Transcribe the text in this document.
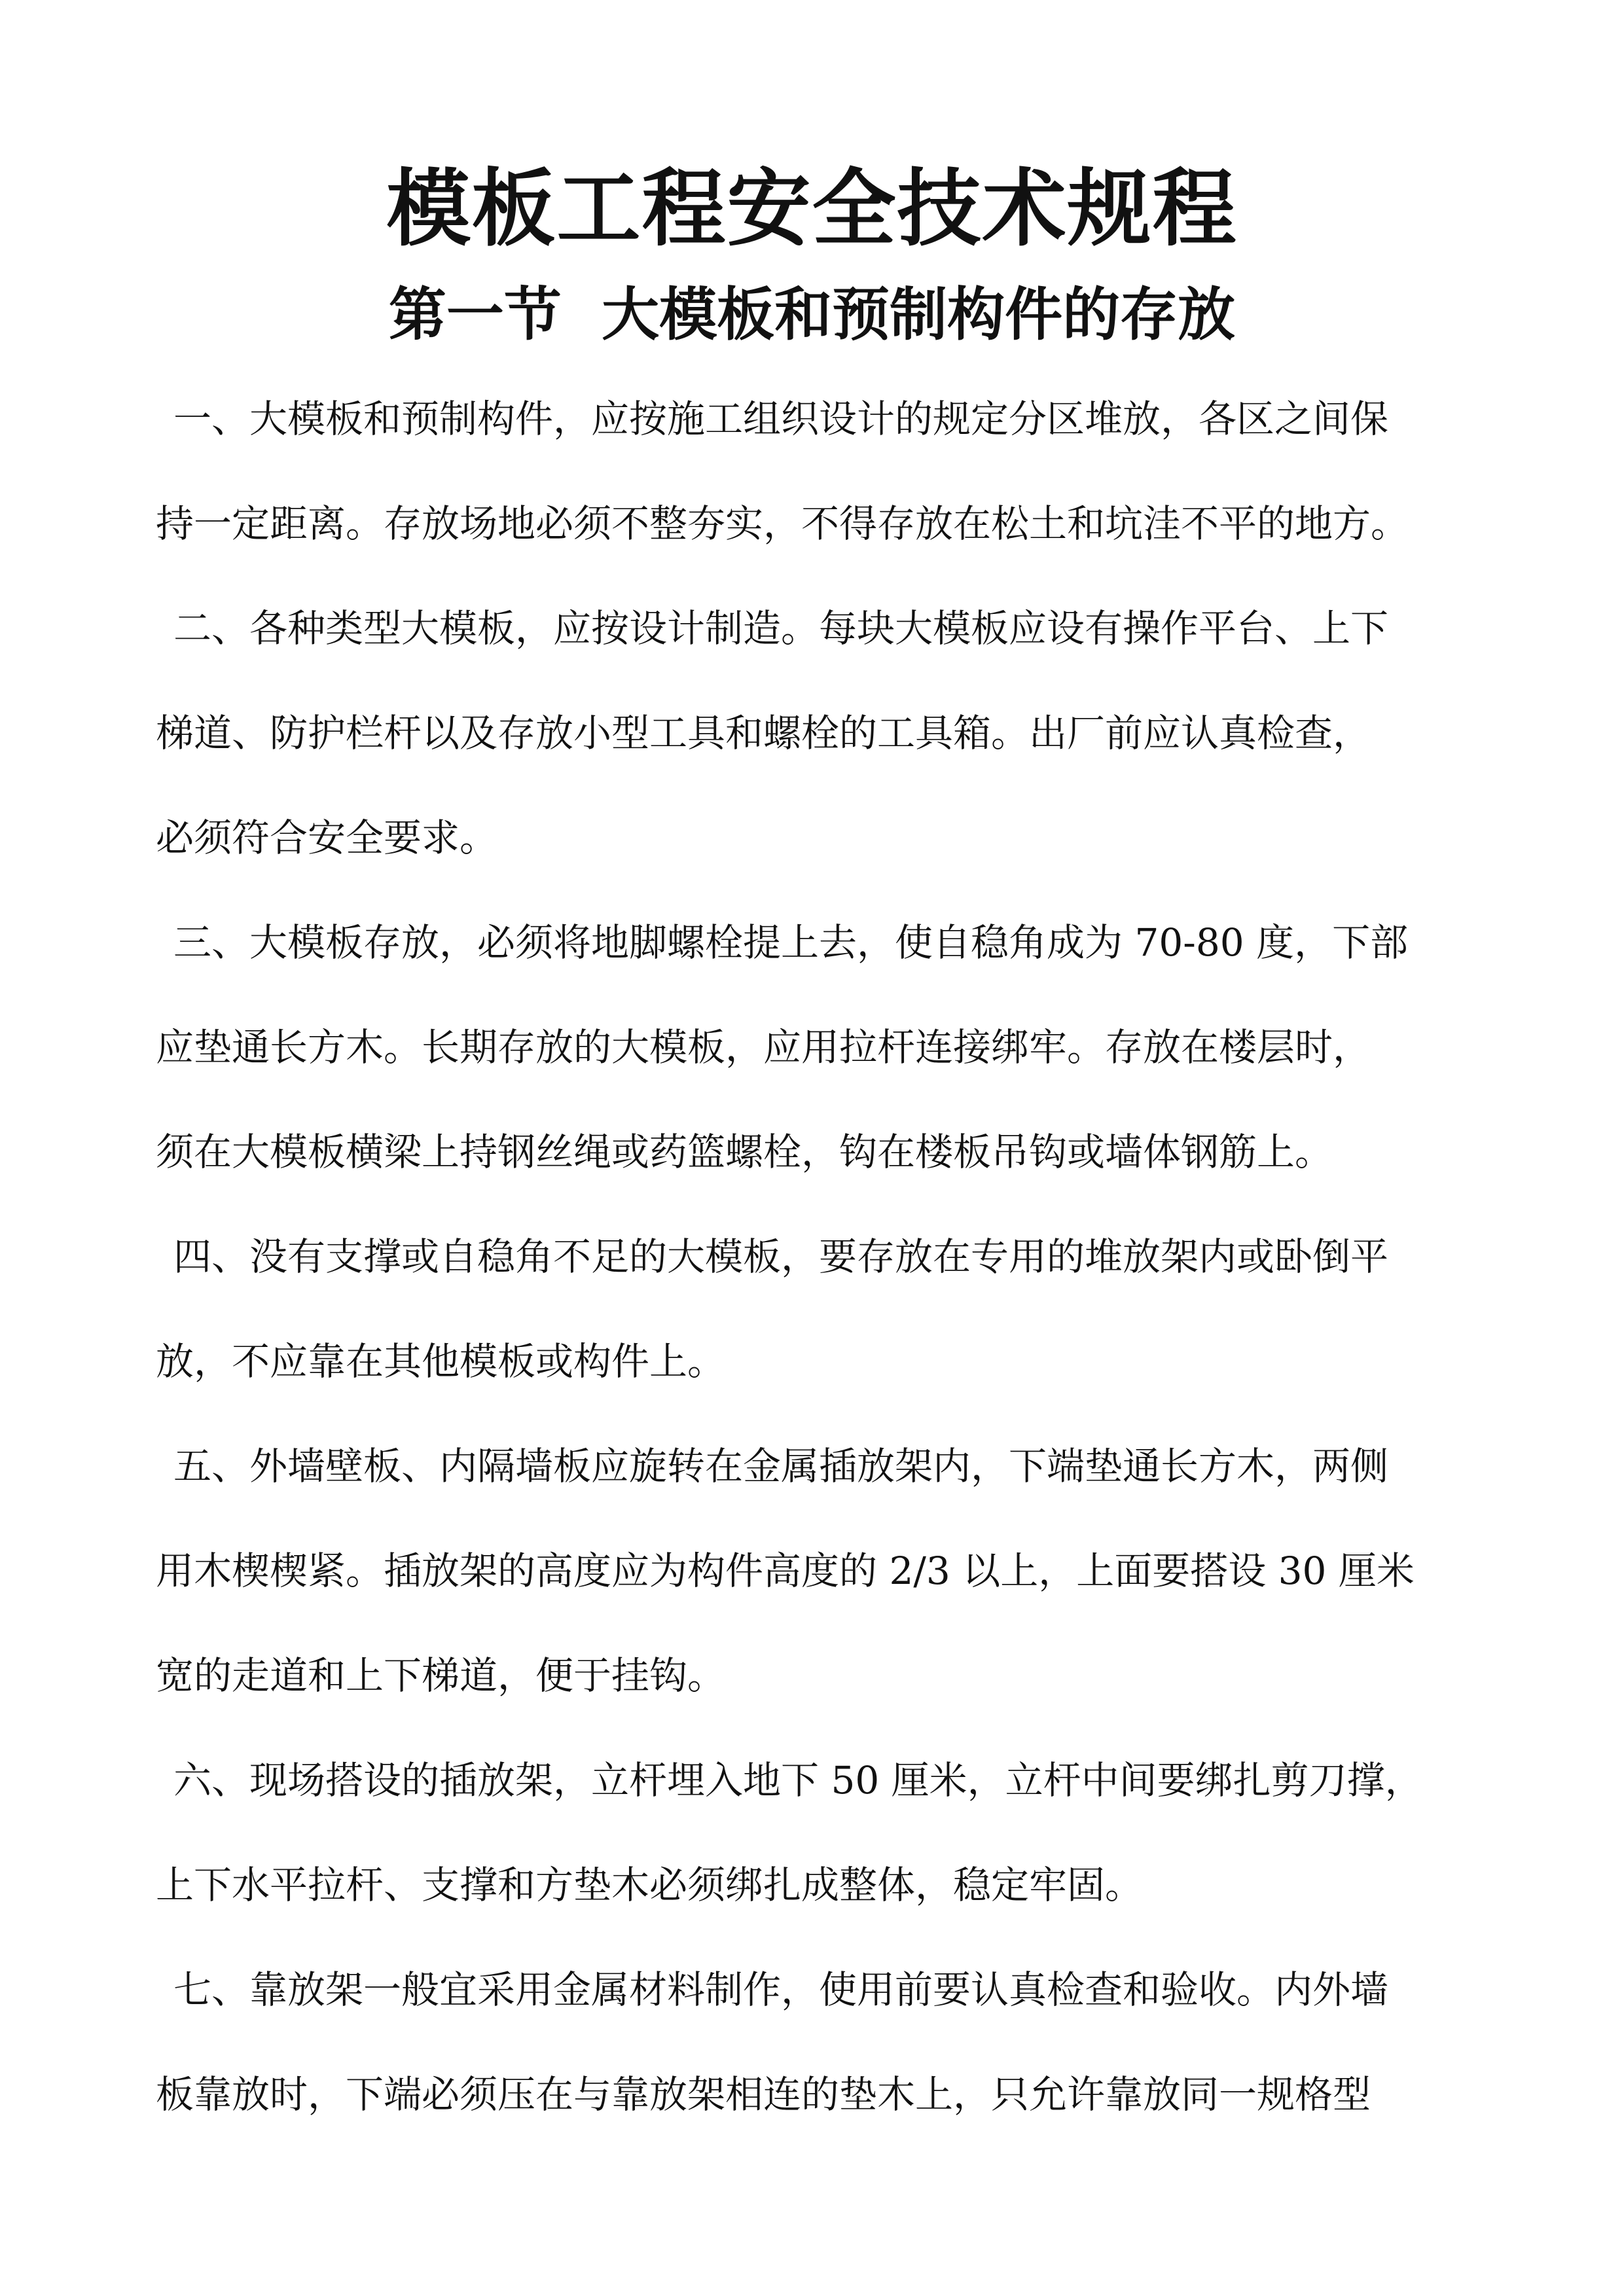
模板工程安全技术规程
第一节  大模板和预制构件的存放

一、大模板和预制构件，应按施工组织设计的规定分区堆放，各区之间保

持一定距离。存放场地必须不整夯实，不得存放在松土和坑洼不平的地方。

二、各种类型大模板，应按设计制造。每块大模板应设有操作平台、上下

梯道、防护栏杆以及存放小型工具和螺栓的工具箱。出厂前应认真检查，

必须符合安全要求。

三、大模板存放，必须将地脚螺栓提上去，使自稳角成为 70-80 度，下部

应垫通长方木。长期存放的大模板，应用拉杆连接绑牢。存放在楼层时，

须在大模板横梁上持钢丝绳或药篮螺栓，钩在楼板吊钩或墙体钢筋上。

四、没有支撑或自稳角不足的大模板，要存放在专用的堆放架内或卧倒平

放，不应靠在其他模板或构件上。

五、外墙壁板、内隔墙板应旋转在金属插放架内，下端垫通长方木，两侧

用木楔楔紧。插放架的高度应为构件高度的 2/3 以上，上面要搭设 30 厘米

宽的走道和上下梯道，便于挂钩。

六、现场搭设的插放架，立杆埋入地下 50 厘米，立杆中间要绑扎剪刀撑，

上下水平拉杆、支撑和方垫木必须绑扎成整体，稳定牢固。

七、靠放架一般宜采用金属材料制作，使用前要认真检查和验收。内外墙

板靠放时，下端必须压在与靠放架相连的垫木上，只允许靠放同一规格型
